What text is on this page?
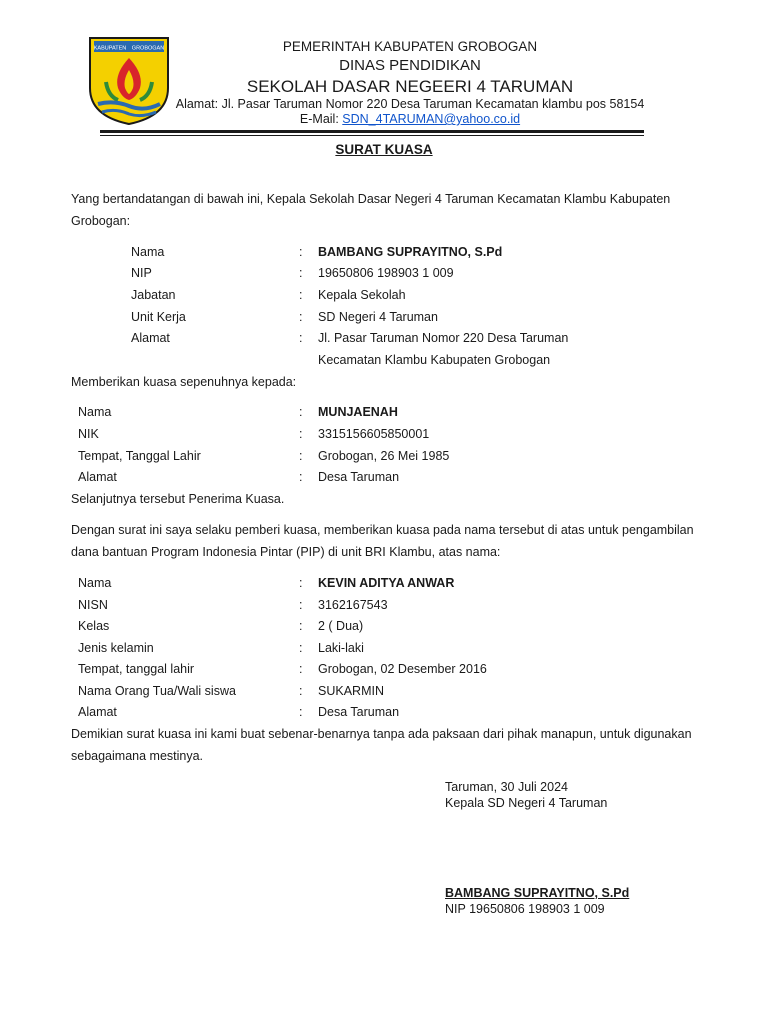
KABUPATEN GROBOGAN	PEMERINTAH KABUPATEN GROBOGAN
DINAS PENDIDIKAN
SEKOLAH DASAR NEGEERI 4 TARUMAN
Alamat: Jl. Pasar Taruman Nomor 220 Desa Taruman Kecamatan klambu pos 58154
E-Mail: SDN_4TARUMAN@yahoo.co.id
SURAT KUASA
Yang bertandatangan di bawah ini, Kepala Sekolah Dasar Negeri 4 Taruman Kecamatan Klambu Kabupaten
Grobogan:
Nama	: BAMBANG SUPRAYITNO, S.Pd
NIP	: 19650806 198903 1 009
Jabatan	: Kepala Sekolah
Unit Kerja	: SD Negeri 4 Taruman
Alamat	: Jl. Pasar Taruman Nomor 220 Desa Taruman
Kecamatan Klambu Kabupaten Grobogan
Memberikan kuasa sepenuhnya kepada:
Nama	: MUNJAENAH
NIK	: 3315156605850001
Tempat, Tanggal Lahir	: Grobogan, 26 Mei 1985
Alamat	: Desa Taruman
Selanjutnya tersebut Penerima Kuasa.
Dengan surat ini saya selaku pemberi kuasa, memberikan kuasa pada nama tersebut di atas untuk pengambilan
dana bantuan Program Indonesia Pintar (PIP) di unit BRI Klambu, atas nama:
Nama	: KEVIN ADITYA ANWAR
NISN	: 3162167543
Kelas	: 2 ( Dua)
Jenis kelamin	: Laki-laki
Tempat, tanggal lahir	: Grobogan, 02 Desember 2016
Nama Orang Tua/Wali siswa	: SUKARMIN
Alamat	: Desa Taruman
Demikian surat kuasa ini kami buat sebenar-benarnya tanpa ada paksaan dari pihak manapun, untuk digunakan
sebagaimana mestinya.
Taruman, 30 Juli 2024
Kepala SD Negeri 4 Taruman
BAMBANG SUPRAYITNO, S.Pd
NIP 19650806 198903 1 009
